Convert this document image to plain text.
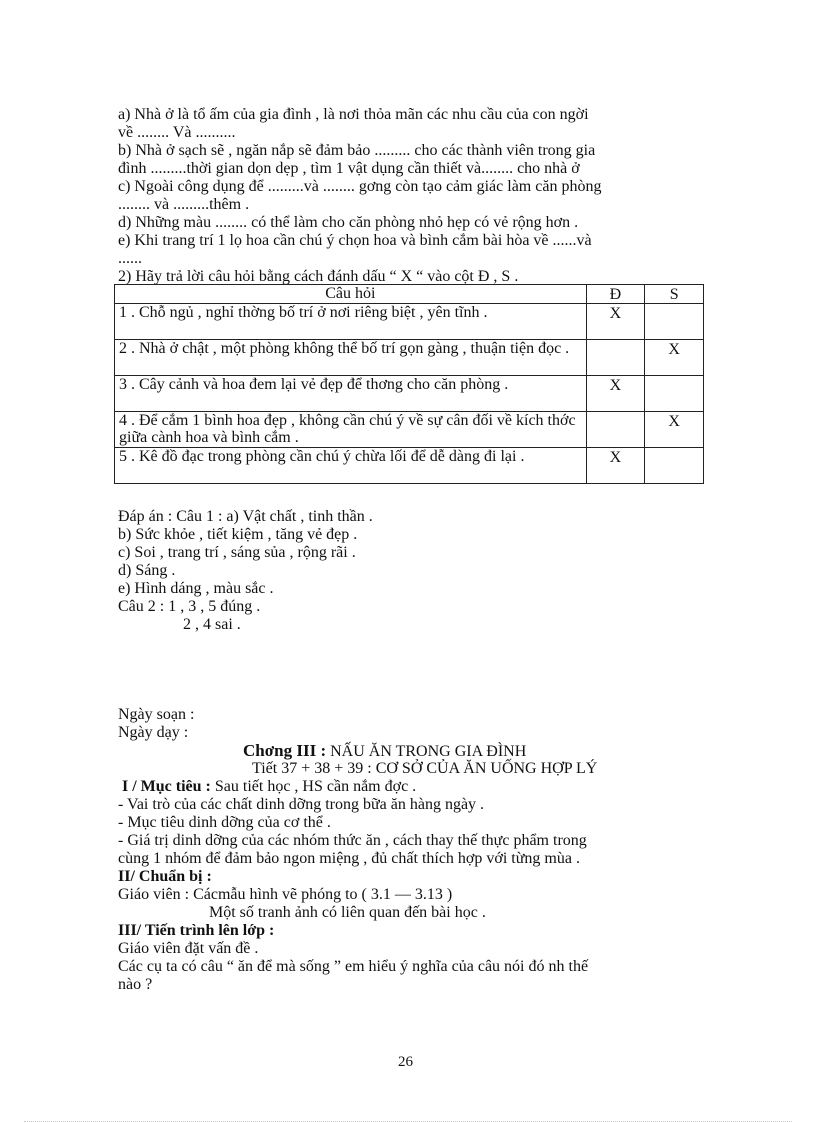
a) Nhà ở là tổ ấm của gia đình , là nơi thỏa mãn các nhu cầu của con ngời
về ........ Và ..........
b) Nhà ở sạch sẽ , ngăn nắp sẽ đảm bảo ......... cho các thành viên trong gia
đình .........thời gian dọn dẹp , tìm 1 vật dụng cần thiết và........ cho nhà ở
c) Ngoài công dụng để .........và ........ gơng còn tạo cảm giác làm căn phòng
........ và .........thêm .
d) Những màu ........ có thể làm cho căn phòng nhỏ hẹp có vẻ rộng hơn .
e) Khi trang trí 1 lọ hoa cần chú ý chọn hoa và bình cắm bài hòa về ......và
......
2) Hãy trả lời câu hỏi bằng cách đánh dấu “ X “ vào cột Đ , S .
Câu hỏi	Đ	S
1 . Chỗ ngủ , nghỉ thờng bố trí ở nơi riêng biệt , yên tĩnh .	X	
2 . Nhà ở chật , một phòng không thể bố trí gọn gàng , thuận tiện đọc .		X
3 . Cây cảnh và hoa đem lại vẻ đẹp để thơng cho căn phòng .	X	
4 . Để cắm 1 bình hoa đẹp , không cần chú ý về sự cân đối về kích thớc giữa cành hoa và bình cắm .		X
5 . Kê đồ đạc trong phòng cần chú ý chừa lối để dễ dàng đi lại .	X	
Đáp án : Câu 1 : a) Vật chất , tinh thần .
b) Sức khỏe , tiết kiệm , tăng vẻ đẹp .
c) Soi , trang trí , sáng sủa , rộng rãi .
d) Sáng .
e) Hình dáng , màu sắc .
Câu 2 : 1 , 3 , 5 đúng .
2 , 4 sai .
Ngày soạn :
Ngày dạy :
Chơng III : NẤU ĂN TRONG GIA ĐÌNH
Tiết 37 + 38 + 39 : CƠ SỞ CỦA ĂN UỐNG HỢP LÝ
I / Mục tiêu : Sau tiết học , HS cần nắm đợc .
- Vai trò của các chất dinh dỡng trong bữa ăn hàng ngày .
- Mục tiêu dinh dỡng của cơ thể .
- Giá trị dinh dỡng của các nhóm thức ăn , cách thay thế thực phẩm trong
cùng 1 nhóm để đảm bảo ngon miệng , đủ chất thích hợp với từng mùa .
II/ Chuẩn bị :
Giáo viên : Cácmẫu hình vẽ phóng to ( 3.1 — 3.13 )
Một số tranh ảnh có liên quan đến bài học .
III/ Tiến trình lên lớp :
Giáo viên đặt vấn đề .
Các cụ ta có câu “ ăn để mà sống ” em hiểu ý nghĩa của câu nói đó nh thế
nào ?
26
